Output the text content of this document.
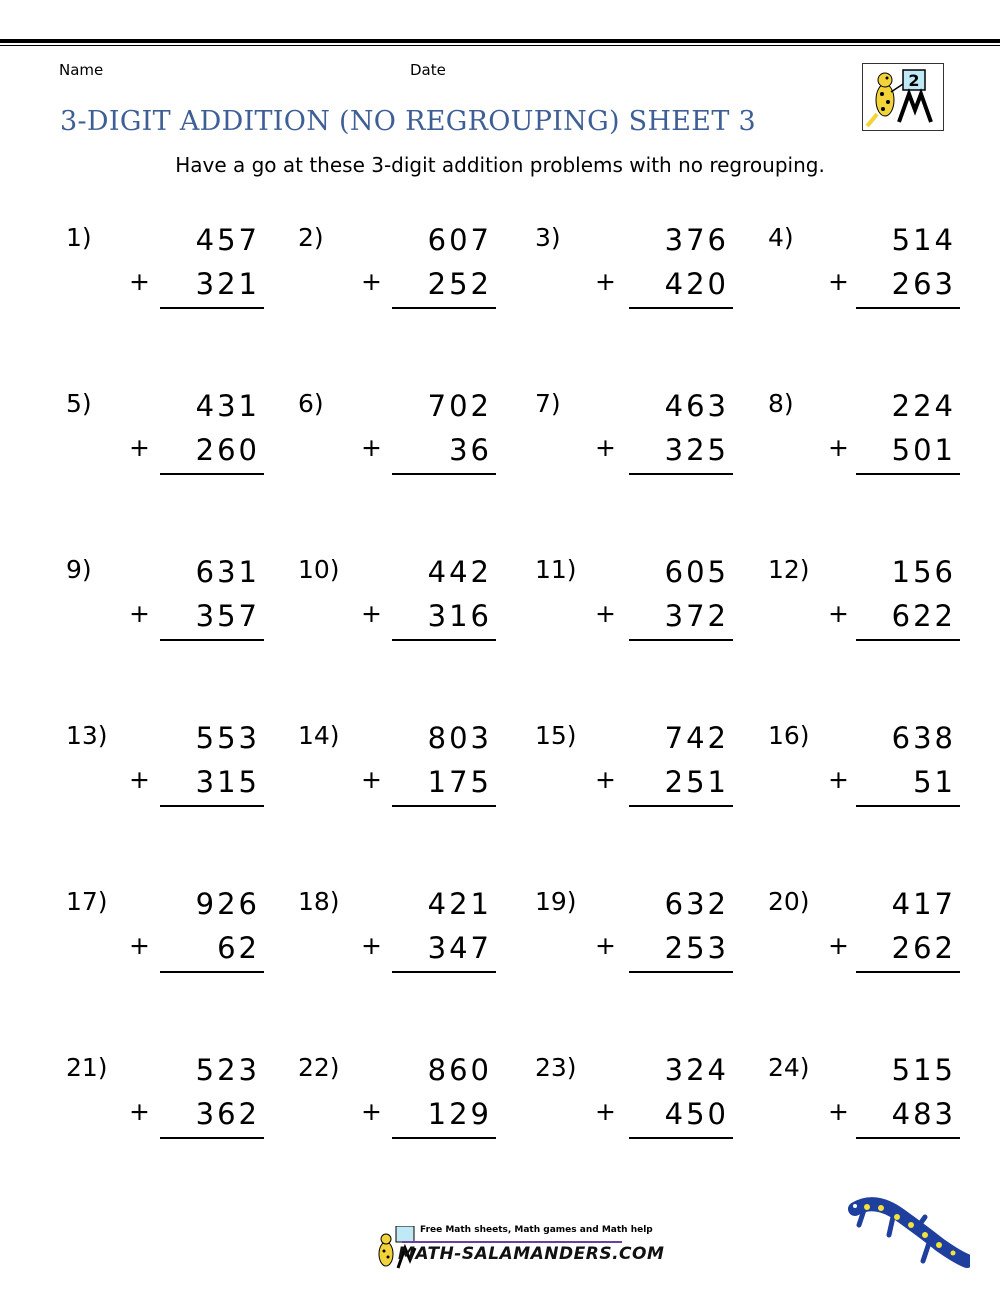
Name	Date
2
3-DIGIT ADDITION (NO REGROUPING) SHEET 3
Have a go at these 3-digit addition problems with no regrouping.
1)	457
+	321
2)	607
+	252
3)	376
+	420
4)	514
+	263
5)	431
+	260
6)	702
+	36
7)	463
+	325
8)	224
+	501
9)	631
+	357
10)	442
+	316
11)	605
+	372
12)	156
+	622
13)	553
+	315
14)	803
+	175
15)	742
+	251
16)	638
+	51
17)	926
+	62
18)	421
+	347
19)	632
+	253
20)	417
+	262
21)	523
+	362
22)	860
+	129
23)	324
+	450
24)	515
+	483
Free Math sheets, Math games and Math help
MATH-SALAMANDERS.COM
